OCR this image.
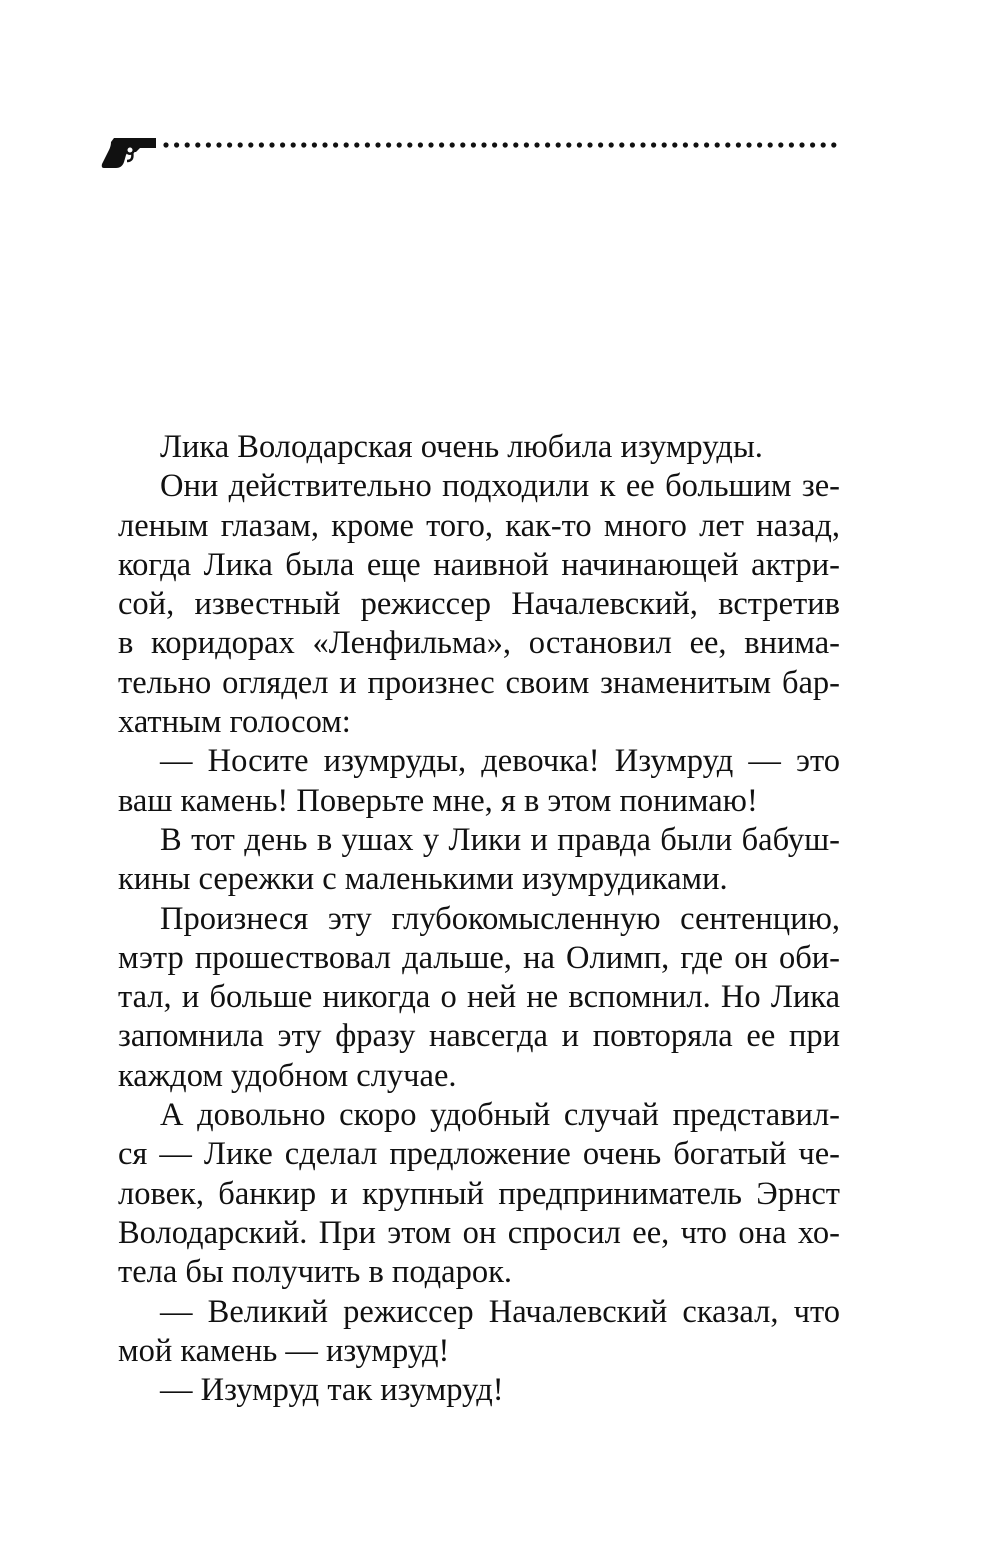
Лика Володарская очень любила изумруды.
Они действительно подходили к ее большим зе-
леным глазам, кроме того, как-то много лет назад,
когда Лика была еще наивной начинающей актри-
сой, известный режиссер Началевский, встретив
в коридорах «Ленфильма», остановил ее, внима-
тельно оглядел и произнес своим знаменитым бар-
хатным голосом:
— Носите изумруды, девочка! Изумруд — это
ваш камень! Поверьте мне, я в этом понимаю!
В тот день в ушах у Лики и правда были бабуш-
кины сережки с маленькими изумрудиками.
Произнеся эту глубокомысленную сентенцию,
мэтр прошествовал дальше, на Олимп, где он оби-
тал, и больше никогда о ней не вспомнил. Но Лика
запомнила эту фразу навсегда и повторяла ее при
каждом удобном случае.
А довольно скоро удобный случай представил-
ся — Лике сделал предложение очень богатый че-
ловек, банкир и крупный предприниматель Эрнст
Володарский. При этом он спросил ее, что она хо-
тела бы получить в подарок.
— Великий режиссер Началевский сказал, что
мой камень — изумруд!
— Изумруд так изумруд!
